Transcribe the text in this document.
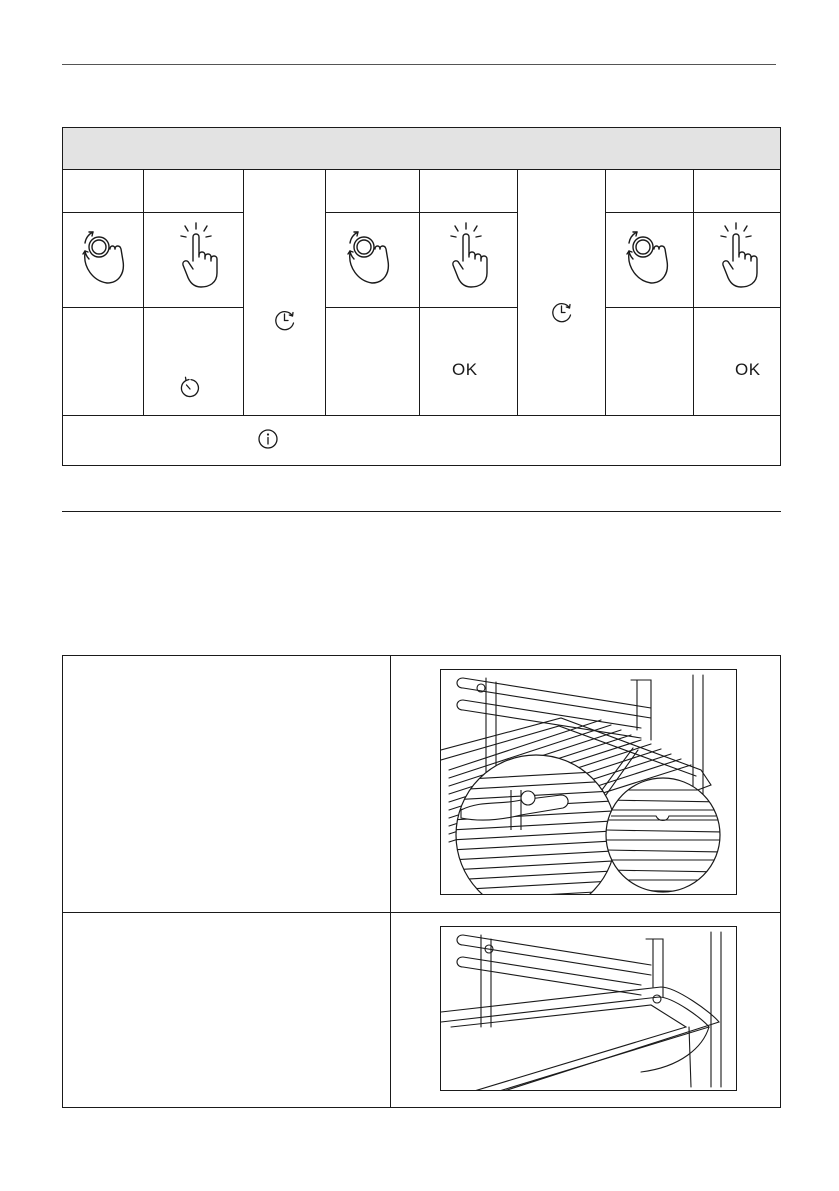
OK	OK
